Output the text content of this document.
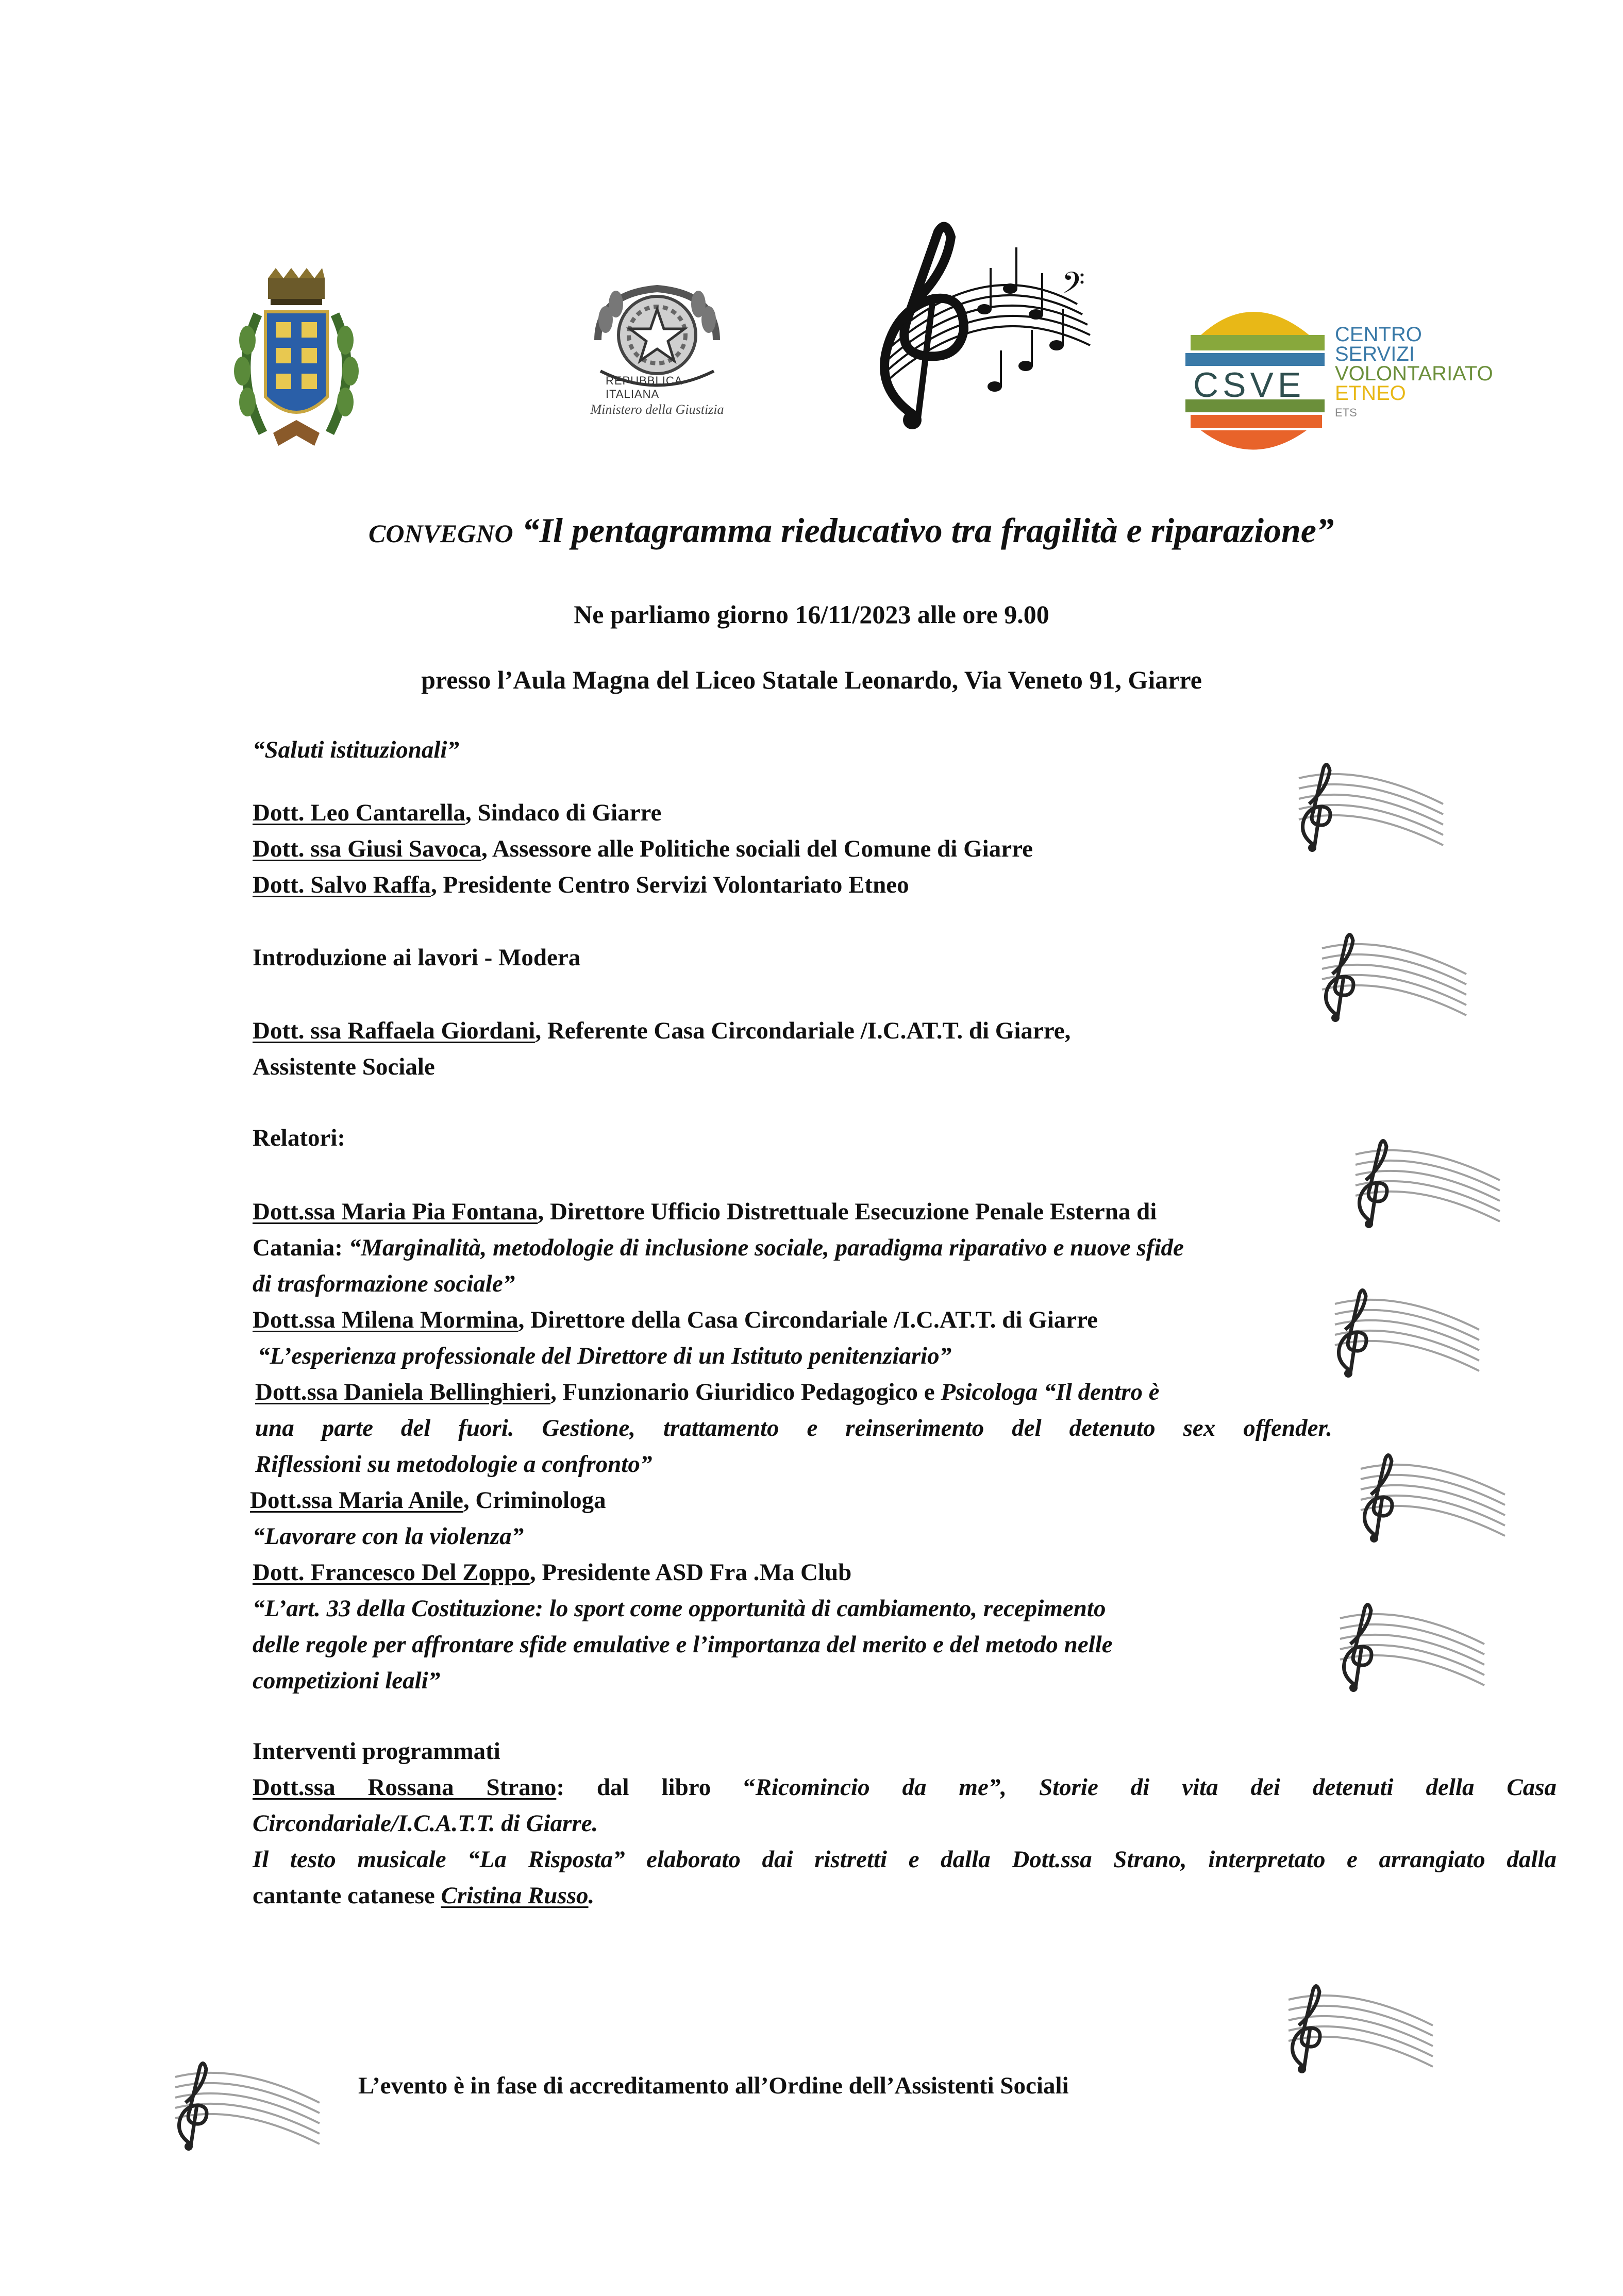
REPUBBLICA ITALIANA
Ministero della Giustizia
𝄢
CSVE
CENTRO
SERVIZI
VOLONTARIATO
ETNEO
ETS
CONVEGNO “Il pentagramma rieducativo tra fragilità e riparazione”
Ne parliamo giorno 16/11/2023 alle ore 9.00
presso l’Aula Magna del Liceo Statale Leonardo, Via Veneto 91, Giarre
“Saluti istituzionali”
Dott. Leo Cantarella, Sindaco di Giarre
Dott. ssa Giusi Savoca, Assessore alle Politiche sociali del Comune di Giarre
Dott. Salvo Raffa, Presidente Centro Servizi Volontariato Etneo
Introduzione ai lavori - Modera
Dott. ssa Raffaela Giordani, Referente Casa Circondariale /I.C.AT.T. di Giarre,
Assistente Sociale
Relatori:
Dott.ssa Maria Pia Fontana, Direttore Ufficio Distrettuale Esecuzione Penale Esterna di
Catania: “Marginalità, metodologie di inclusione sociale, paradigma riparativo e nuove sfide
di trasformazione sociale”
Dott.ssa Milena Mormina, Direttore della Casa Circondariale /I.C.AT.T. di Giarre
“L’esperienza professionale del Direttore di un Istituto penitenziario”
Dott.ssa Daniela Bellinghieri, Funzionario Giuridico Pedagogico e Psicologa “Il dentro è
una parte del fuori. Gestione, trattamento e reinserimento del detenuto sex offender.
Riflessioni su metodologie a confronto”
Dott.ssa Maria Anile, Criminologa
“Lavorare con la violenza”
Dott. Francesco Del Zoppo, Presidente ASD Fra .Ma Club
“L’art. 33 della Costituzione: lo sport come opportunità di cambiamento, recepimento
delle regole per affrontare sfide emulative e l’importanza del merito e del metodo nelle
competizioni leali”
Interventi programmati
Dott.ssa Rossana Strano: dal libro “Ricomincio da me”, Storie di vita dei detenuti della Casa
Circondariale/I.C.A.T.T. di Giarre.
Il testo musicale “La Risposta” elaborato dai ristretti e dalla Dott.ssa Strano, interpretato e arrangiato dalla
cantante catanese Cristina Russo.
L’evento è in fase di accreditamento all’Ordine dell’Assistenti Sociali
